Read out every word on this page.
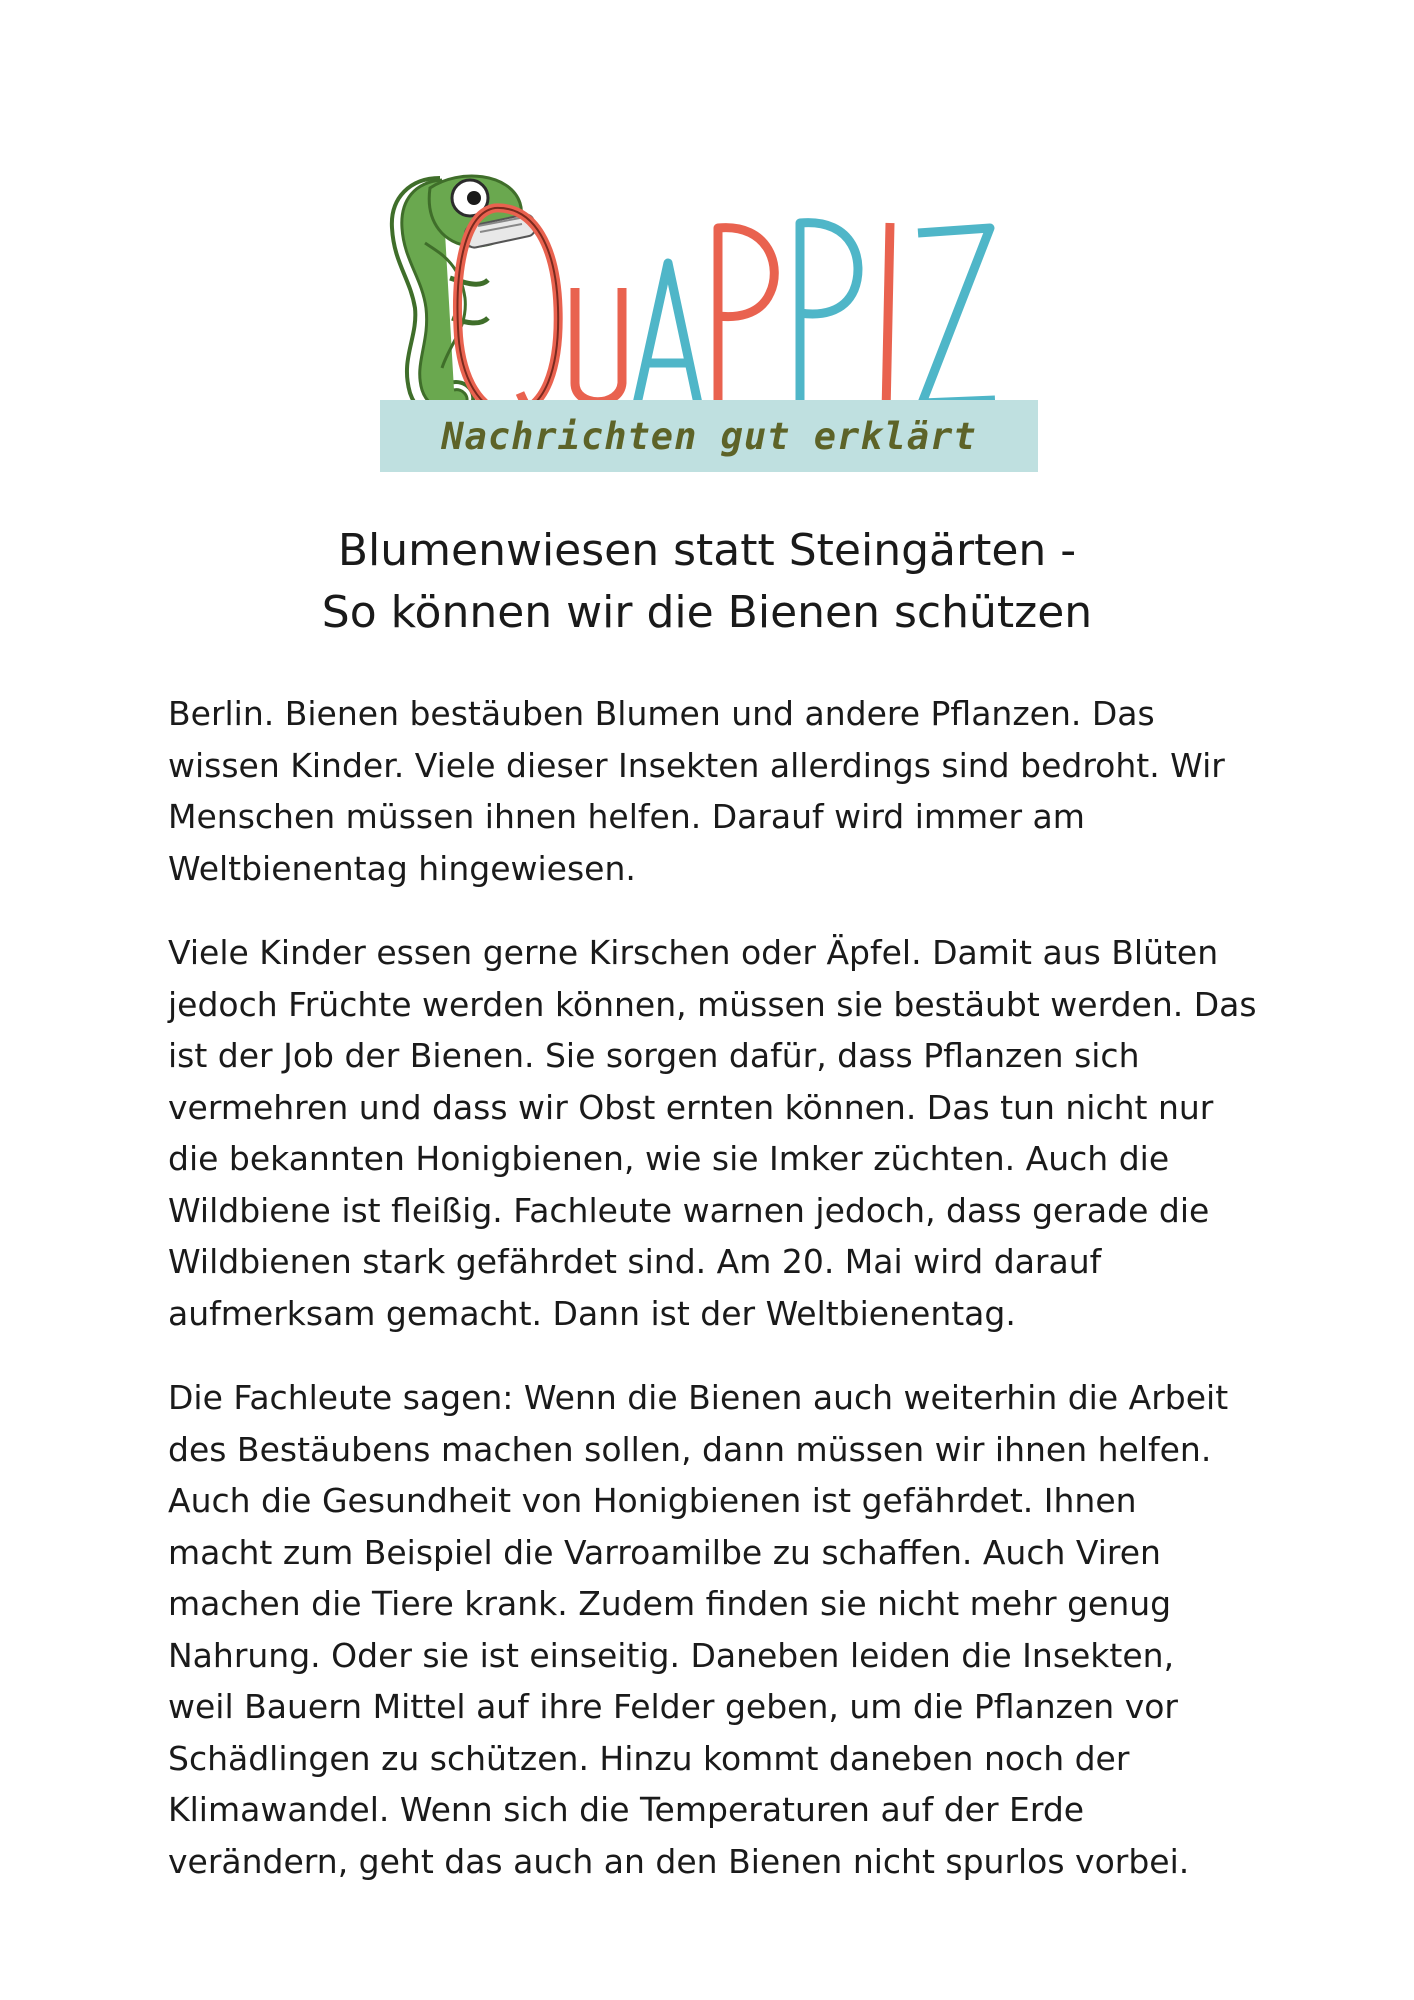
Nachrichten gut erklärt
Blumenwiesen statt Steingärten -
So können wir die Bienen schützen

Berlin. Bienen bestäuben Blumen und andere Pflanzen. Das
wissen Kinder. Viele dieser Insekten allerdings sind bedroht. Wir
Menschen müssen ihnen helfen. Darauf wird immer am
Weltbienentag hingewiesen.

Viele Kinder essen gerne Kirschen oder Äpfel. Damit aus Blüten
jedoch Früchte werden können, müssen sie bestäubt werden. Das
ist der Job der Bienen. Sie sorgen dafür, dass Pflanzen sich
vermehren und dass wir Obst ernten können. Das tun nicht nur
die bekannten Honigbienen, wie sie Imker züchten. Auch die
Wildbiene ist fleißig. Fachleute warnen jedoch, dass gerade die
Wildbienen stark gefährdet sind. Am 20. Mai wird darauf
aufmerksam gemacht. Dann ist der Weltbienentag.

Die Fachleute sagen: Wenn die Bienen auch weiterhin die Arbeit
des Bestäubens machen sollen, dann müssen wir ihnen helfen.
Auch die Gesundheit von Honigbienen ist gefährdet. Ihnen
macht zum Beispiel die Varroamilbe zu schaffen. Auch Viren
machen die Tiere krank. Zudem finden sie nicht mehr genug
Nahrung. Oder sie ist einseitig. Daneben leiden die Insekten,
weil Bauern Mittel auf ihre Felder geben, um die Pflanzen vor
Schädlingen zu schützen. Hinzu kommt daneben noch der
Klimawandel. Wenn sich die Temperaturen auf der Erde
verändern, geht das auch an den Bienen nicht spurlos vorbei.
